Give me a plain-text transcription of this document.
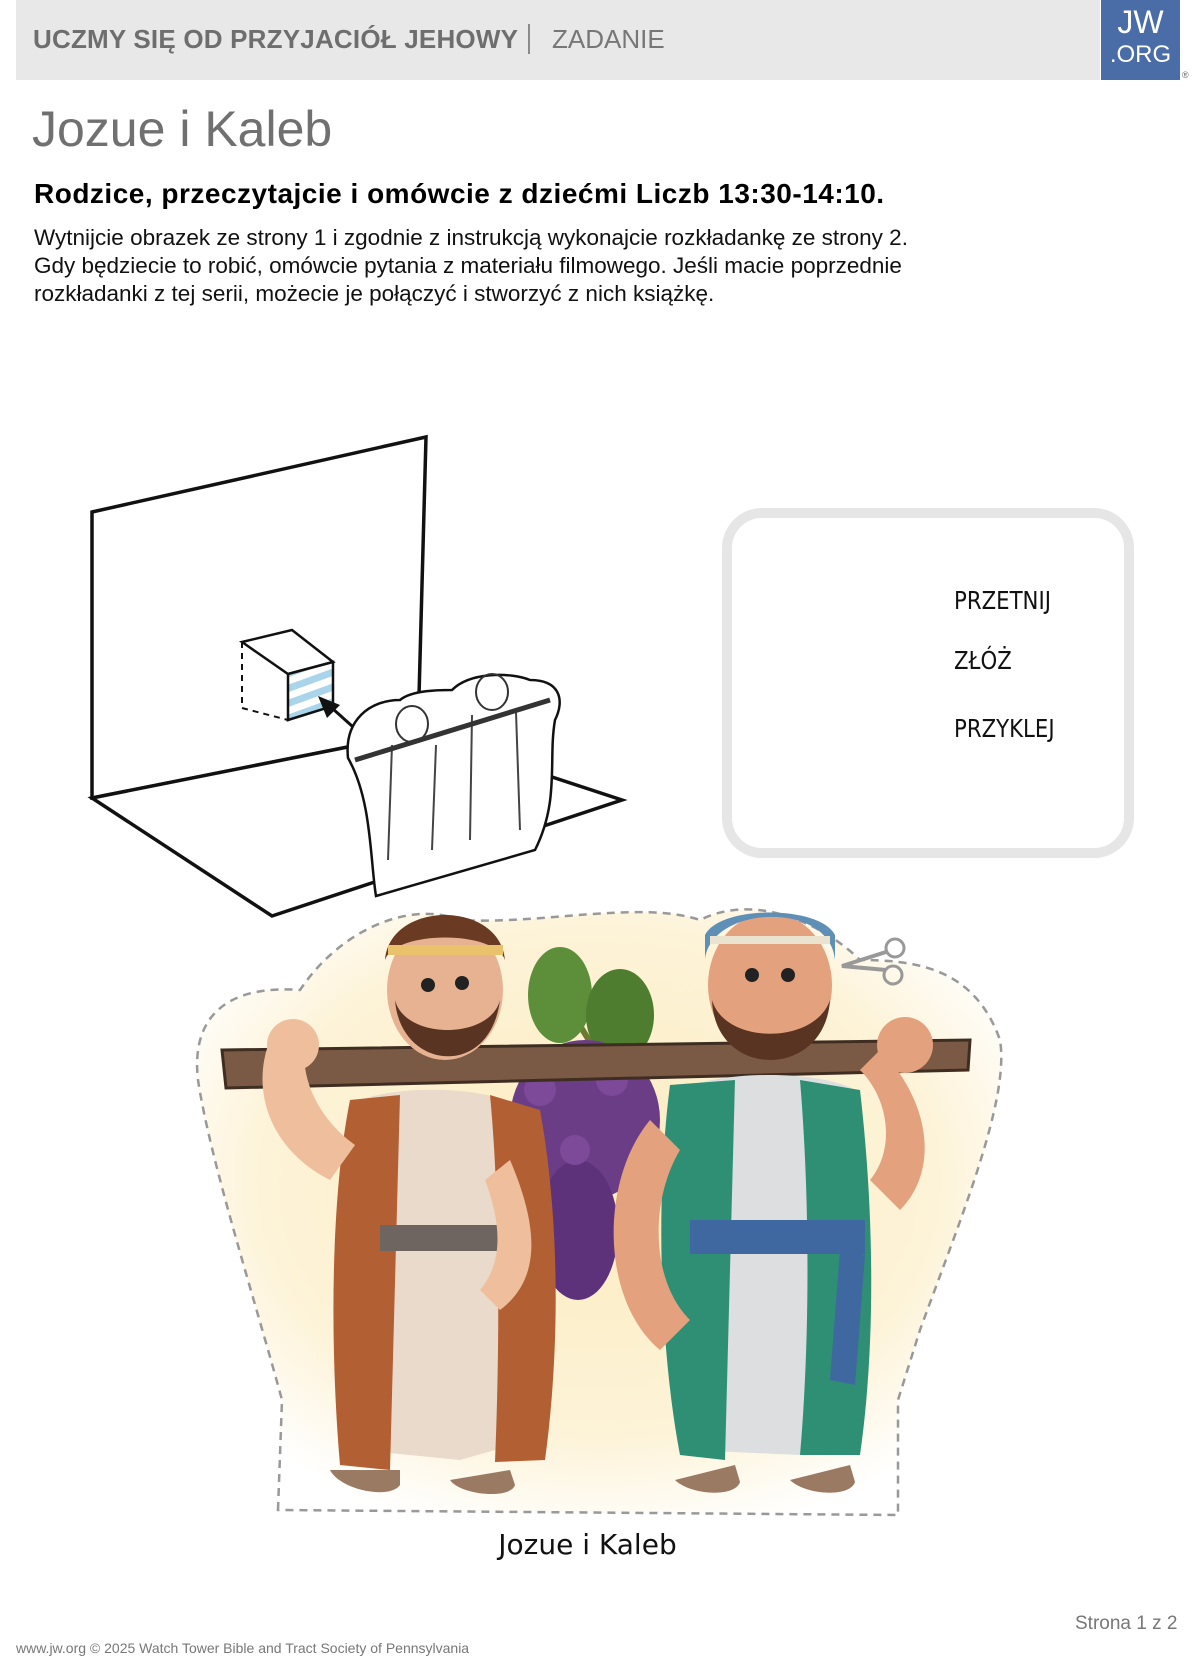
UCZMY SIĘ OD PRZYJACIÓŁ JEHOWY ZADANIE	JW
.ORG
®
Jozue i Kaleb
Rodzice, przeczytajcie i omówcie z dziećmi Liczb 13:30-14:10.
Wytnijcie obrazek ze strony 1 i zgodnie z instrukcją wykonajcie rozkładankę ze strony 2.
Gdy będziecie to robić, omówcie pytania z materiału filmowego. Jeśli macie poprzednie
rozkładanki z tej serii, możecie je połączyć i stworzyć z nich książkę.
PRZETNIJ
ZŁÓŻ
PRZYKLEJ
Jozue i Kaleb
Strona 1 z 2
www.jw.org © 2025 Watch Tower Bible and Tract Society of Pennsylvania
